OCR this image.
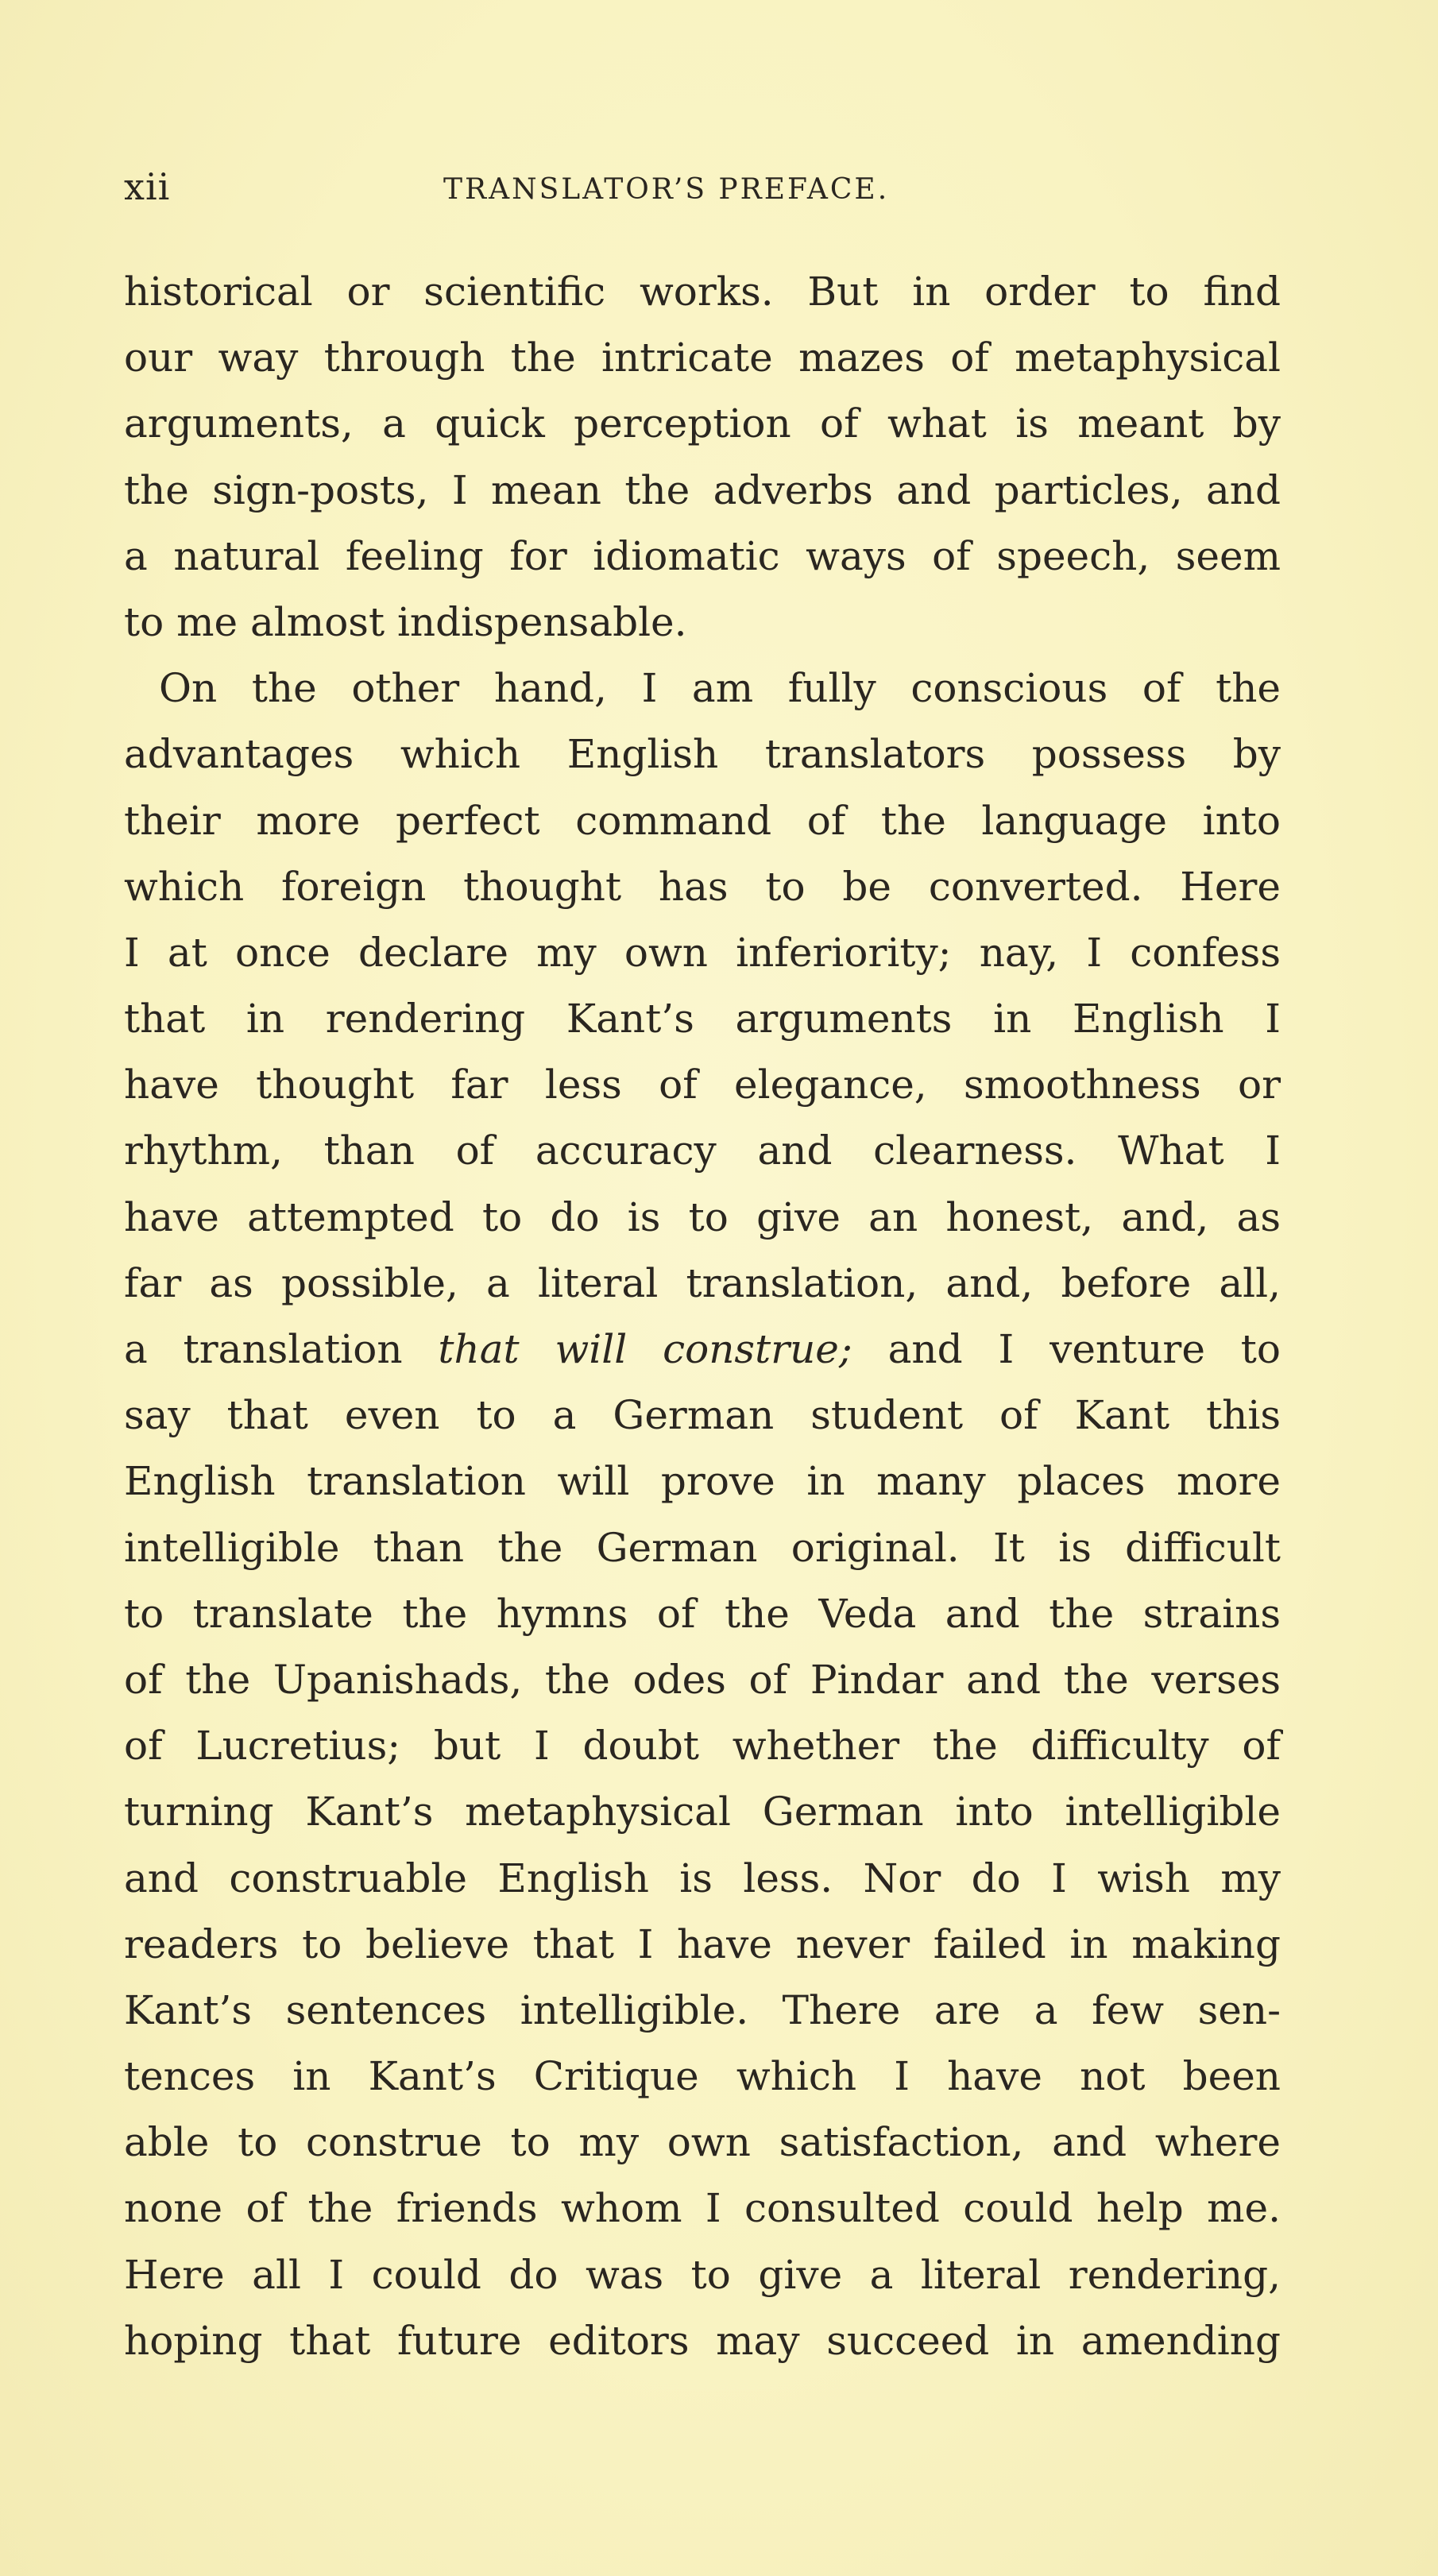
xii	TRANSLATOR’S PREFACE.
historical or scientific works. But in order to find
our way through the intricate mazes of metaphysical
arguments, a quick perception of what is meant by
the sign-posts, I mean the adverbs and particles, and
a natural feeling for idiomatic ways of speech, seem
to me almost indispensable.
On the other hand, I am fully conscious of the
advantages which English translators possess by
their more perfect command of the language into
which foreign thought has to be converted. Here
I at once declare my own inferiority; nay, I confess
that in rendering Kant’s arguments in English I
have thought far less of elegance, smoothness or
rhythm, than of accuracy and clearness. What I
have attempted to do is to give an honest, and, as
far as possible, a literal translation, and, before all,
a translation that will construe; and I venture to
say that even to a German student of Kant this
English translation will prove in many places more
intelligible than the German original. It is difficult
to translate the hymns of the Veda and the strains
of the Upanishads, the odes of Pindar and the verses
of Lucretius; but I doubt whether the difficulty of
turning Kant’s metaphysical German into intelligible
and construable English is less. Nor do I wish my
readers to believe that I have never failed in making
Kant’s sentences intelligible. There are a few sen-
tences in Kant’s Critique which I have not been
able to construe to my own satisfaction, and where
none of the friends whom I consulted could help me.
Here all I could do was to give a literal rendering,
hoping that future editors may succeed in amending
